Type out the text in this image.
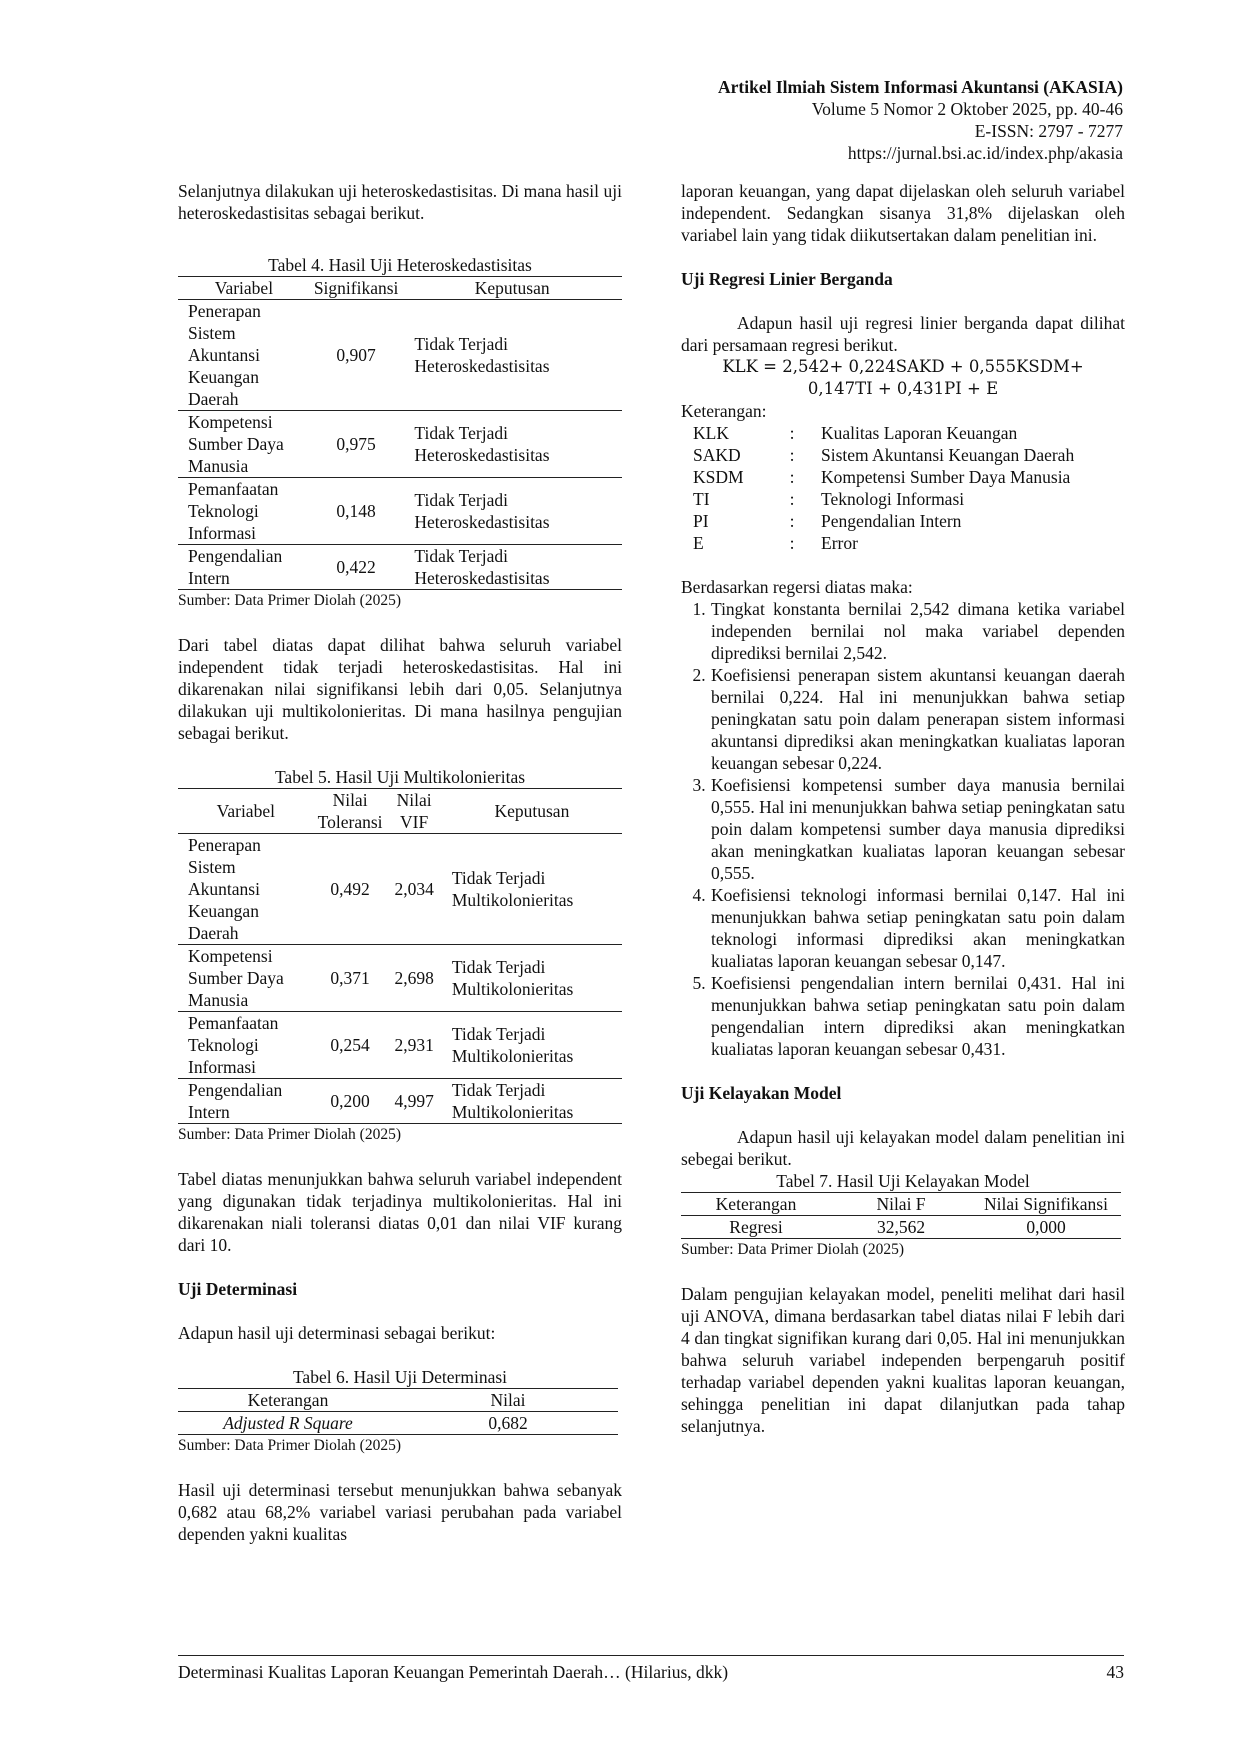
Artikel Ilmiah Sistem Informasi Akuntansi (AKASIA)
Volume 5 Nomor 2 Oktober 2025, pp. 40-46
E-ISSN: 2797 - 7277
https://jurnal.bsi.ac.id/index.php/akasia

Selanjutnya dilakukan uji heteroskedastisitas. Di mana hasil uji heteroskedastisitas sebagai berikut.

Tabel 4. Hasil Uji Heteroskedastisitas

Variabel	Signifikansi	Keputusan
Penerapan Sistem Akuntansi Keuangan Daerah	0,907	Tidak Terjadi Heteroskedastisitas
Kompetensi Sumber Daya Manusia	0,975	Tidak Terjadi Heteroskedastisitas
Pemanfaatan Teknologi Informasi	0,148	Tidak Terjadi Heteroskedastisitas
Pengendalian Intern	0,422	Tidak Terjadi Heteroskedastisitas

Sumber: Data Primer Diolah (2025)

Dari tabel diatas dapat dilihat bahwa seluruh variabel independent tidak terjadi heteroskedastisitas. Hal ini dikarenakan nilai signifikansi lebih dari 0,05. Selanjutnya dilakukan uji multikolonieritas. Di mana hasilnya pengujian sebagai berikut.

Tabel 5. Hasil Uji Multikolonieritas

Variabel	Nilai Toleransi	Nilai VIF	Keputusan
Penerapan Sistem Akuntansi Keuangan Daerah	0,492	2,034	Tidak Terjadi Multikolonieritas
Kompetensi Sumber Daya Manusia	0,371	2,698	Tidak Terjadi Multikolonieritas
Pemanfaatan Teknologi Informasi	0,254	2,931	Tidak Terjadi Multikolonieritas
Pengendalian Intern	0,200	4,997	Tidak Terjadi Multikolonieritas

Sumber: Data Primer Diolah (2025)

Tabel diatas menunjukkan bahwa seluruh variabel independent yang digunakan tidak terjadinya multikolonieritas. Hal ini dikarenakan niali toleransi diatas 0,01 dan nilai VIF kurang dari 10.

Uji Determinasi

Adapun hasil uji determinasi sebagai berikut:

Tabel 6. Hasil Uji Determinasi

Keterangan	Nilai
Adjusted R Square	0,682

Sumber: Data Primer Diolah (2025)

Hasil uji determinasi tersebut menunjukkan bahwa sebanyak 0,682 atau 68,2% variabel variasi perubahan pada variabel dependen yakni kualitas

laporan keuangan, yang dapat dijelaskan oleh seluruh variabel independent. Sedangkan sisanya 31,8% dijelaskan oleh variabel lain yang tidak diikutsertakan dalam penelitian ini.

Uji Regresi Linier Berganda

Adapun hasil uji regresi linier berganda dapat dilihat dari persamaan regresi berikut.

KLK = 2,542+ 0,224SAKD + 0,555KSDM+

0,147TI + 0,431PI + E

Keterangan:

KLK	:	Kualitas Laporan Keuangan
SAKD	:	Sistem Akuntansi Keuangan Daerah
KSDM	:	Kompetensi Sumber Daya Manusia
TI	:	Teknologi Informasi
PI	:	Pengendalian Intern
E	:	Error

Berdasarkan regersi diatas maka:

1. Tingkat konstanta bernilai 2,542 dimana ketika variabel independen bernilai nol maka variabel dependen diprediksi bernilai 2,542.
2. Koefisiensi penerapan sistem akuntansi keuangan daerah bernilai 0,224. Hal ini menunjukkan bahwa setiap peningkatan satu poin dalam penerapan sistem informasi akuntansi diprediksi akan meningkatkan kualiatas laporan keuangan sebesar 0,224.
3. Koefisiensi kompetensi sumber daya manusia bernilai 0,555. Hal ini menunjukkan bahwa setiap peningkatan satu poin dalam kompetensi sumber daya manusia diprediksi akan meningkatkan kualiatas laporan keuangan sebesar 0,555.
4. Koefisiensi teknologi informasi bernilai 0,147. Hal ini menunjukkan bahwa setiap peningkatan satu poin dalam teknologi informasi diprediksi akan meningkatkan kualiatas laporan keuangan sebesar 0,147.
5. Koefisiensi pengendalian intern bernilai 0,431. Hal ini menunjukkan bahwa setiap peningkatan satu poin dalam pengendalian intern diprediksi akan meningkatkan kualiatas laporan keuangan sebesar 0,431.

Uji Kelayakan Model

Adapun hasil uji kelayakan model dalam penelitian ini sebegai berikut.

Tabel 7. Hasil Uji Kelayakan Model

Keterangan	Nilai F	Nilai Signifikansi
Regresi	32,562	0,000

Sumber: Data Primer Diolah (2025)

Dalam pengujian kelayakan model, peneliti melihat dari hasil uji ANOVA, dimana berdasarkan tabel diatas nilai F lebih dari 4 dan tingkat signifikan kurang dari 0,05. Hal ini menunjukkan bahwa seluruh variabel independen berpengaruh positif terhadap variabel dependen yakni kualitas laporan keuangan, sehingga penelitian ini dapat dilanjutkan pada tahap selanjutnya.

Determinasi Kualitas Laporan Keuangan Pemerintah Daerah… (Hilarius, dkk)	43
